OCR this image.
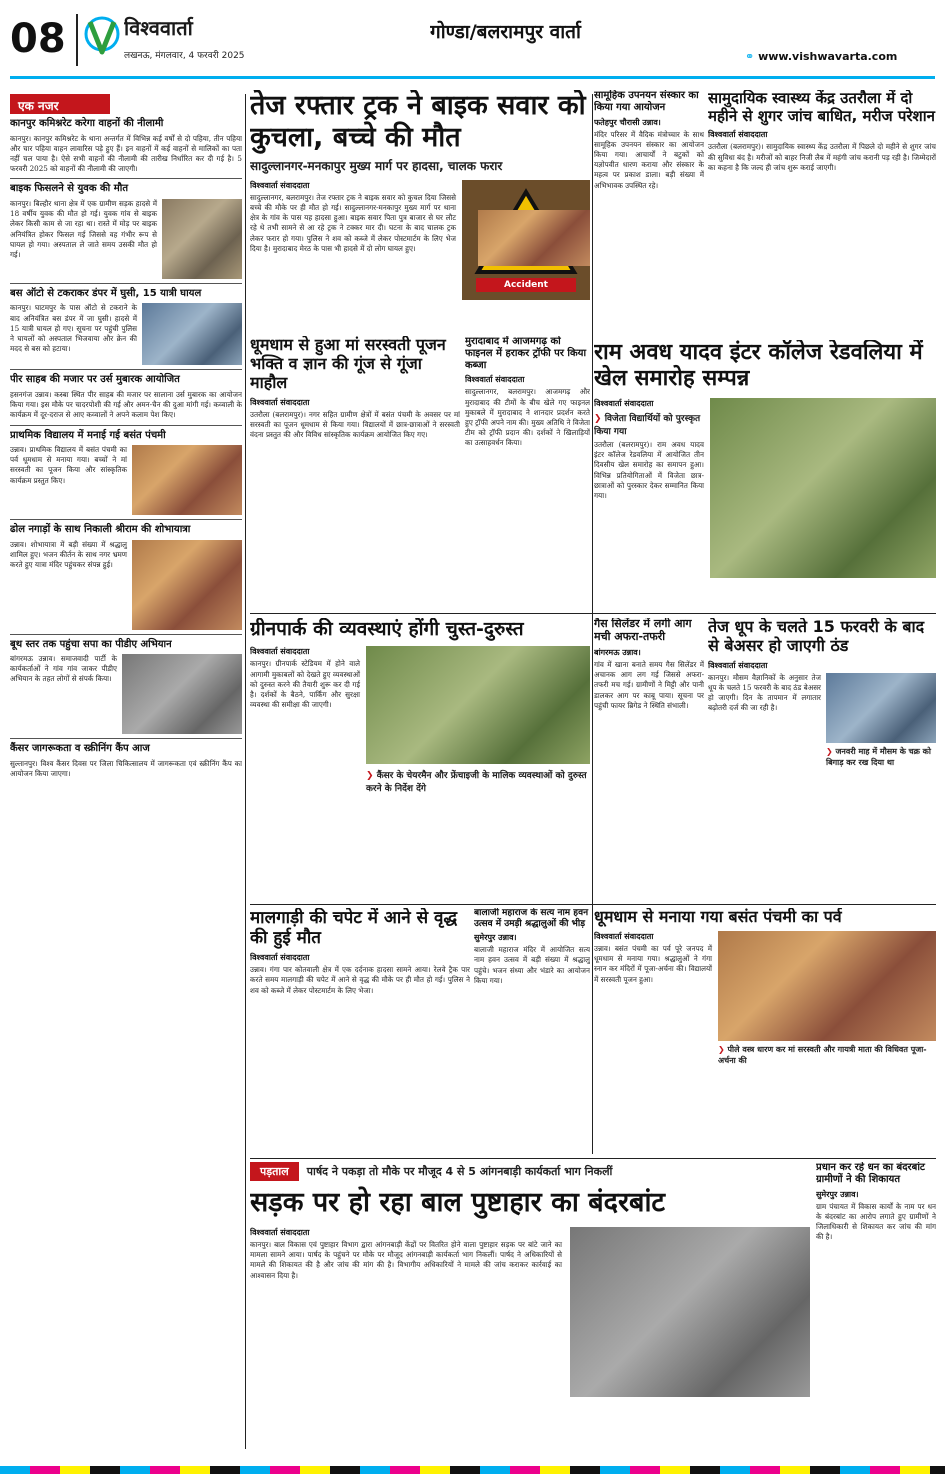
08	विश्ववार्ता
लखनऊ, मंगलवार, 4 फरवरी 2025
गोण्डा/बलरामपुर वार्ता
⚭ www.vishwavarta.com
एक नजर
कानपुर कमिश्नरेट करेगा वाहनों की नीलामी
कानपुर। कानपुर कमिश्नरेट के थाना अन्तर्गत में विभिन्न कई वर्षों से दो पहिया, तीन पहिया और चार पहिया वाहन लावारिस पड़े हुए हैं। इन वाहनों में कई वाहनों से मालिकों का पता नहीं चल पाया है। ऐसे सभी वाहनों की नीलामी की तारीख निर्धारित कर दी गई है। 5 फरवरी 2025 को वाहनों की नीलामी की जाएगी।
बाइक फिसलने से युवक की मौत
कानपुर। बिल्हौर थाना क्षेत्र में एक ग्रामीण सड़क हादसे में 18 वर्षीय युवक की मौत हो गई। युवक गांव से बाइक लेकर किसी काम से जा रहा था। रास्ते में मोड़ पर बाइक अनियंत्रित होकर फिसल गई जिससे वह गंभीर रूप से घायल हो गया। अस्पताल ले जाते समय उसकी मौत हो गई।
बस ऑटो से टकराकर डंपर में घुसी, 15 यात्री घायल
कानपुर। घाटमपुर के पास ऑटो से टकराने के बाद अनियंत्रित बस डंपर में जा घुसी। हादसे में 15 यात्री घायल हो गए। सूचना पर पहुंची पुलिस ने घायलों को अस्पताल भिजवाया और क्रेन की मदद से बस को हटाया।
पीर साहब की मजार पर उर्स मुबारक आयोजित
हसनगंज उन्नाव। कस्बा स्थित पीर साहब की मजार पर सालाना उर्स मुबारक का आयोजन किया गया। इस मौके पर चादरपोशी की गई और अमन-चैन की दुआ मांगी गई। कव्वाली के कार्यक्रम में दूर-दराज से आए कव्वालों ने अपने कलाम पेश किए।
प्राथमिक विद्यालय में मनाई गई बसंत पंचमी
उन्नाव। प्राथमिक विद्यालय में बसंत पंचमी का पर्व धूमधाम से मनाया गया। बच्चों ने मां सरस्वती का पूजन किया और सांस्कृतिक कार्यक्रम प्रस्तुत किए।
ढोल नगाड़ों के साथ निकाली श्रीराम की शोभायात्रा
उन्नाव। शोभायात्रा में बड़ी संख्या में श्रद्धालु शामिल हुए। भजन कीर्तन के साथ नगर भ्रमण करते हुए यात्रा मंदिर पहुंचकर संपन्न हुई।
बूथ स्तर तक पहुंचा सपा का पीडीए अभियान
बांगरमऊ उन्नाव। समाजवादी पार्टी के कार्यकर्ताओं ने गांव गांव जाकर पीडीए अभियान के तहत लोगों से संपर्क किया।
कैंसर जागरूकता व स्क्रीनिंग कैंप आज
सुल्तानपुर। विश्व कैंसर दिवस पर जिला चिकित्सालय में जागरूकता एवं स्क्रीनिंग कैंप का आयोजन किया जाएगा।
तेज रफ्तार ट्रक ने बाइक सवार को कुचला, बच्चे की मौत
सादुल्लानगर-मनकापुर मुख्य मार्ग पर हादसा, चालक फरार
विश्ववार्ता संवाददाता
सादुल्लानगर, बलरामपुर। तेज रफ्तार ट्रक ने बाइक सवार को कुचल दिया जिससे बच्चे की मौके पर ही मौत हो गई। सादुल्लानगर-मनकापुर मुख्य मार्ग पर थाना क्षेत्र के गांव के पास यह हादसा हुआ। बाइक सवार पिता पुत्र बाजार से घर लौट रहे थे तभी सामने से आ रहे ट्रक ने टक्कर मार दी। घटना के बाद चालक ट्रक लेकर फरार हो गया। पुलिस ने शव को कब्जे में लेकर पोस्टमार्टम के लिए भेज दिया है। मुरादाबाद मेरठ के पास भी हादसे में दो लोग घायल हुए।
Accident
सामूहिक उपनयन संस्कार का किया गया आयोजन
फतेहपुर चौरासी उन्नाव।
मंदिर परिसर में वैदिक मंत्रोच्चार के साथ सामूहिक उपनयन संस्कार का आयोजन किया गया। आचार्यों ने बटुकों को यज्ञोपवीत धारण कराया और संस्कार के महत्व पर प्रकाश डाला। बड़ी संख्या में अभिभावक उपस्थित रहे।
सामुदायिक स्वास्थ्य केंद्र उतरौला में दो महीने से शुगर जांच बाधित, मरीज परेशान
विश्ववार्ता संवाददाता
उतरौला (बलरामपुर)। सामुदायिक स्वास्थ्य केंद्र उतरौला में पिछले दो महीने से शुगर जांच की सुविधा बंद है। मरीजों को बाहर निजी लैब में महंगी जांच करानी पड़ रही है। जिम्मेदारों का कहना है कि जल्द ही जांच शुरू कराई जाएगी।
धूमधाम से हुआ मां सरस्वती पूजन भक्ति व ज्ञान की गूंज से गूंजा माहौल
विश्ववार्ता संवाददाता
उतरौला (बलरामपुर)। नगर सहित ग्रामीण क्षेत्रों में बसंत पंचमी के अवसर पर मां सरस्वती का पूजन धूमधाम से किया गया। विद्यालयों में छात्र-छात्राओं ने सरस्वती वंदना प्रस्तुत की और विविध सांस्कृतिक कार्यक्रम आयोजित किए गए।
मुरादाबाद में आजमगढ़ को फाइनल में हराकर ट्रॉफी पर किया कब्जा
विश्ववार्ता संवाददाता
सादुल्लानगर, बलरामपुर। आजमगढ़ और मुरादाबाद की टीमों के बीच खेले गए फाइनल मुकाबले में मुरादाबाद ने शानदार प्रदर्शन करते हुए ट्रॉफी अपने नाम की। मुख्य अतिथि ने विजेता टीम को ट्रॉफी प्रदान की। दर्शकों ने खिलाड़ियों का उत्साहवर्धन किया।
राम अवध यादव इंटर कॉलेज रेडवलिया में खेल समारोह सम्पन्न
विश्ववार्ता संवाददाता
❯ विजेता विद्यार्थियों को पुरस्कृत किया गया
उतरौला (बलरामपुर)। राम अवध यादव इंटर कॉलेज रेडवलिया में आयोजित तीन दिवसीय खेल समारोह का समापन हुआ। विभिन्न प्रतियोगिताओं में विजेता छात्र-छात्राओं को पुरस्कार देकर सम्मानित किया गया।
ग्रीनपार्क की व्यवस्थाएं होंगी चुस्त-दुरुस्त
विश्ववार्ता संवाददाता
कानपुर। ग्रीनपार्क स्टेडियम में होने वाले आगामी मुकाबलों को देखते हुए व्यवस्थाओं को दुरुस्त करने की तैयारी शुरू कर दी गई है। दर्शकों के बैठने, पार्किंग और सुरक्षा व्यवस्था की समीक्षा की जाएगी।
❯ कैंसर के चेयरमैन और फ्रेंचाइजी के मालिक व्यवस्थाओं को दुरुस्त करने के निर्देश देंगे
गैस सिलेंडर में लगी आग मची अफरा-तफरी
बांगरमऊ उन्नाव।
गांव में खाना बनाते समय गैस सिलेंडर में अचानक आग लग गई जिससे अफरा-तफरी मच गई। ग्रामीणों ने मिट्टी और पानी डालकर आग पर काबू पाया। सूचना पर पहुंची फायर ब्रिगेड ने स्थिति संभाली।
तेज धूप के चलते 15 फरवरी के बाद से बेअसर हो जाएगी ठंड
विश्ववार्ता संवाददाता
कानपुर। मौसम वैज्ञानिकों के अनुसार तेज धूप के चलते 15 फरवरी के बाद ठंड बेअसर हो जाएगी। दिन के तापमान में लगातार बढ़ोतरी दर्ज की जा रही है।
❯ जनवरी माह में मौसम के चक्र को बिगाड़ कर रख दिया था
मालगाड़ी की चपेट में आने से वृद्ध की हुई मौत
विश्ववार्ता संवाददाता
उन्नाव। गंगा पार कोतवाली क्षेत्र में एक दर्दनाक हादसा सामने आया। रेलवे ट्रैक पार करते समय मालगाड़ी की चपेट में आने से वृद्ध की मौके पर ही मौत हो गई। पुलिस ने शव को कब्जे में लेकर पोस्टमार्टम के लिए भेजा।
बालाजी महाराज के सत्य नाम हवन उत्सव में उमड़ी श्रद्धालुओं की भीड़
सुमेरपुर उन्नाव।
बालाजी महाराज मंदिर में आयोजित सत्य नाम हवन उत्सव में बड़ी संख्या में श्रद्धालु पहुंचे। भजन संध्या और भंडारे का आयोजन किया गया।
धूमधाम से मनाया गया बसंत पंचमी का पर्व
विश्ववार्ता संवाददाता
उन्नाव। बसंत पंचमी का पर्व पूरे जनपद में धूमधाम से मनाया गया। श्रद्धालुओं ने गंगा स्नान कर मंदिरों में पूजा-अर्चना की। विद्यालयों में सरस्वती पूजन हुआ।
❯ पीले वस्त्र धारण कर मां सरस्वती और गायत्री माता की विधिवत पूजा-अर्चना की
पड़ताल	पार्षद ने पकड़ा तो मौके पर मौजूद 4 से 5 आंगनबाड़ी कार्यकर्ता भाग निकलीं
सड़क पर हो रहा बाल पुष्टाहार का बंदरबांट
विश्ववार्ता संवाददाता
कानपुर। बाल विकास एवं पुष्टाहार विभाग द्वारा आंगनबाड़ी केंद्रों पर वितरित होने वाला पुष्टाहार सड़क पर बांटे जाने का मामला सामने आया। पार्षद के पहुंचने पर मौके पर मौजूद आंगनबाड़ी कार्यकर्ता भाग निकलीं। पार्षद ने अधिकारियों से मामले की शिकायत की है और जांच की मांग की है। विभागीय अधिकारियों ने मामले की जांच कराकर कार्रवाई का आश्वासन दिया है।
प्रधान कर रहे धन का बंदरबांट ग्रामीणों ने की शिकायत
सुमेरपुर उन्नाव।
ग्राम पंचायत में विकास कार्यों के नाम पर धन के बंदरबांट का आरोप लगाते हुए ग्रामीणों ने जिलाधिकारी से शिकायत कर जांच की मांग की है।
